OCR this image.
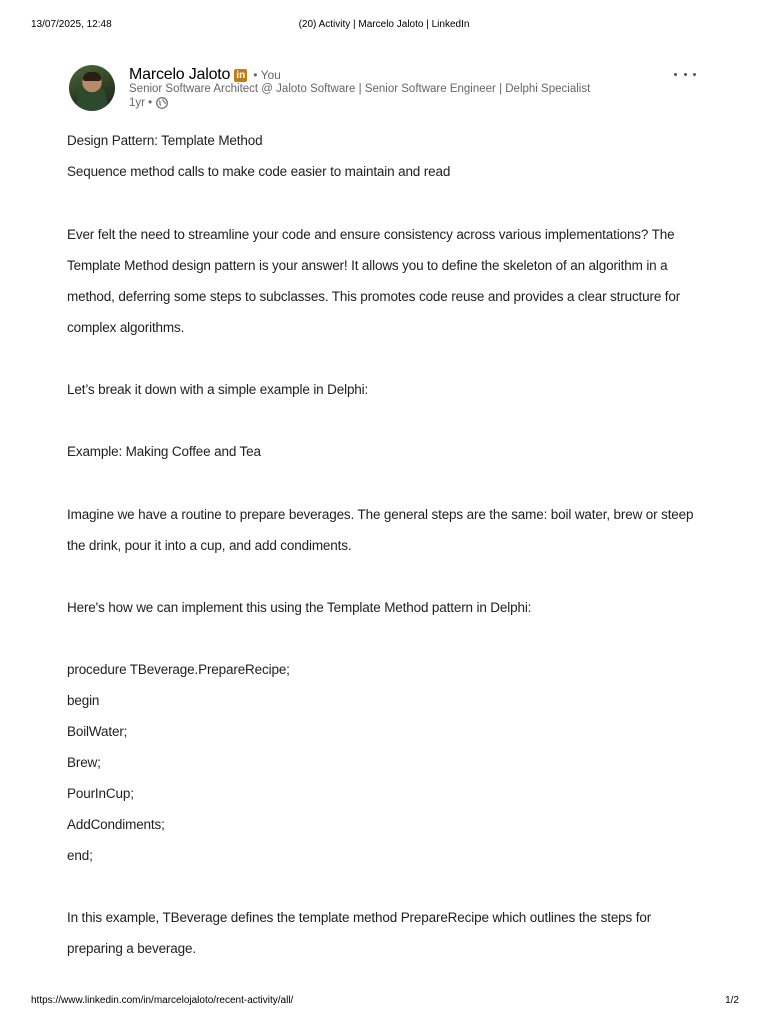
13/07/2025, 12:48	(20) Activity | Marcelo Jaloto | LinkedIn
Marcelo Jaloto in • You
Senior Software Architect @ Jaloto Software | Senior Software Engineer | Delphi Specialist
1yr •
Design Pattern: Template Method
Sequence method calls to make code easier to maintain and read
Ever felt the need to streamline your code and ensure consistency across various implementations? The
Template Method design pattern is your answer! It allows you to define the skeleton of an algorithm in a
method, deferring some steps to subclasses. This promotes code reuse and provides a clear structure for
complex algorithms.
Let’s break it down with a simple example in Delphi:
Example: Making Coffee and Tea
Imagine we have a routine to prepare beverages. The general steps are the same: boil water, brew or steep
the drink, pour it into a cup, and add condiments.
Here's how we can implement this using the Template Method pattern in Delphi:
procedure TBeverage.PrepareRecipe;
begin
BoilWater;
Brew;
PourInCup;
AddCondiments;
end;
In this example, TBeverage defines the template method PrepareRecipe which outlines the steps for
preparing a beverage.
https://www.linkedin.com/in/marcelojaloto/recent-activity/all/	1/2
